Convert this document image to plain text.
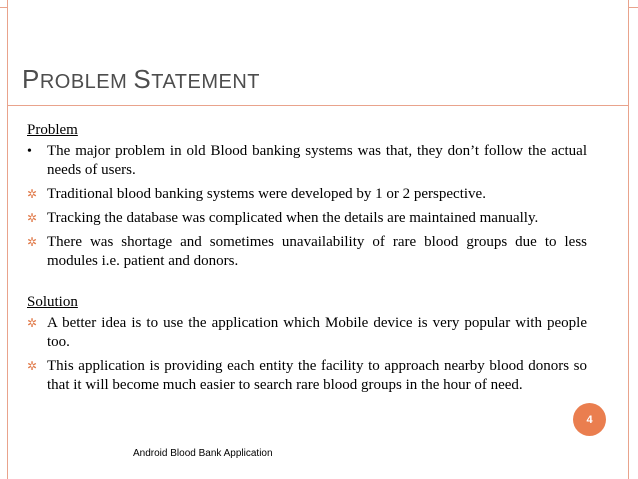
PROBLEM STATEMENT
Problem
•	The major problem in old Blood banking systems was that, they don’t follow the actual needs of users.
✲ Traditional blood banking systems were developed by 1 or 2 perspective.
✲ Tracking the database was complicated when the details are maintained manually.
✲ There was shortage and sometimes unavailability of rare blood groups due to less modules i.e. patient and donors.
Solution
✲ A better idea is to use the application which Mobile device is very popular with people too.
✲ This application is providing each entity the facility to approach nearby blood donors so that it will become much easier to search rare blood groups in the hour of need.
4
Android Blood Bank Application
